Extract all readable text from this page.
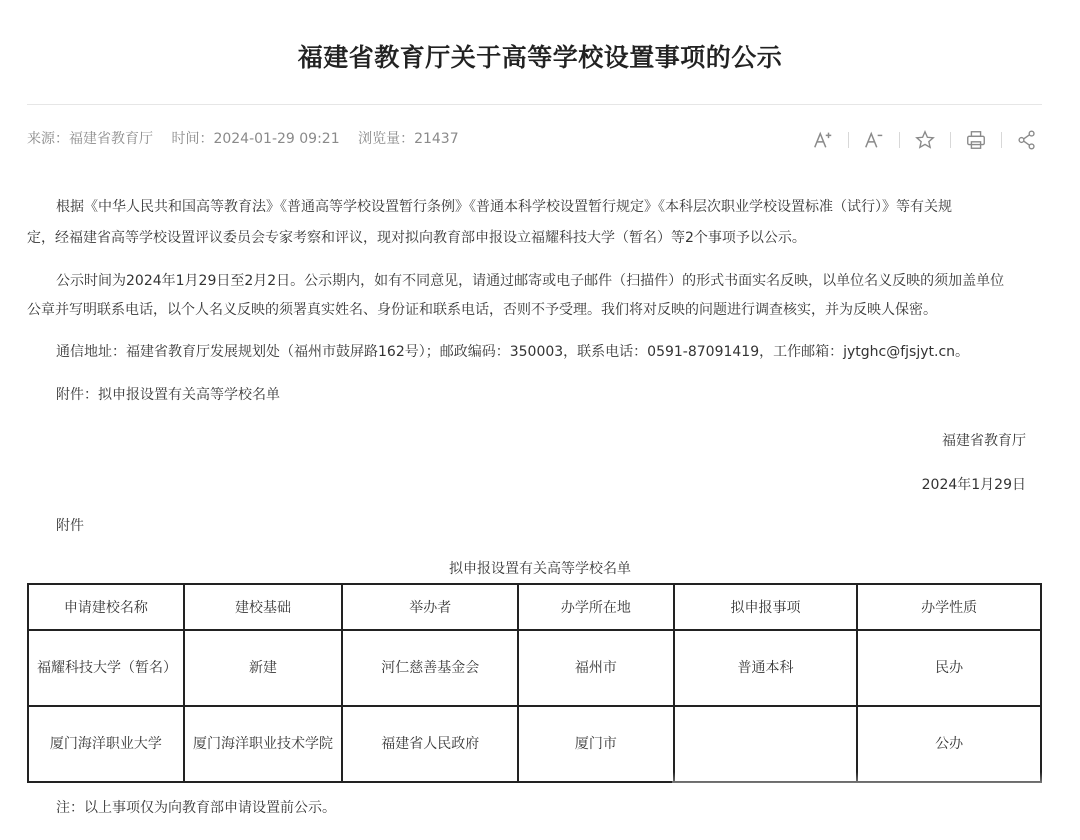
福建省教育厅关于高等学校设置事项的公示
来源：福建省教育厅 时间：2024-01-29 09:21 浏览量：21437
根据《中华人民共和国高等教育法》《普通高等学校设置暂行条例》《普通本科学校设置暂行规定》《本科层次职业学校设置标准（试行）》等有关规
定，经福建省高等学校设置评议委员会专家考察和评议，现对拟向教育部申报设立福耀科技大学（暂名）等2个事项予以公示。
公示时间为2024年1月29日至2月2日。公示期内，如有不同意见，请通过邮寄或电子邮件（扫描件）的形式书面实名反映，以单位名义反映的须加盖单位
公章并写明联系电话，以个人名义反映的须署真实姓名、身份证和联系电话，否则不予受理。我们将对反映的问题进行调查核实，并为反映人保密。
通信地址：福建省教育厅发展规划处（福州市鼓屏路162号）；邮政编码：350003，联系电话：0591-87091419，工作邮箱：jytghc@fjsjyt.cn。
附件：拟申报设置有关高等学校名单
福建省教育厅
2024年1月29日
附件
拟申报设置有关高等学校名单
申请建校名称	建校基础	举办者	办学所在地	拟申报事项	办学性质
福耀科技大学（暂名）	新建	河仁慈善基金会	福州市	普通本科	民办
厦门海洋职业大学	厦门海洋职业技术学院	福建省人民政府	厦门市		公办
注：以上事项仅为向教育部申请设置前公示。
